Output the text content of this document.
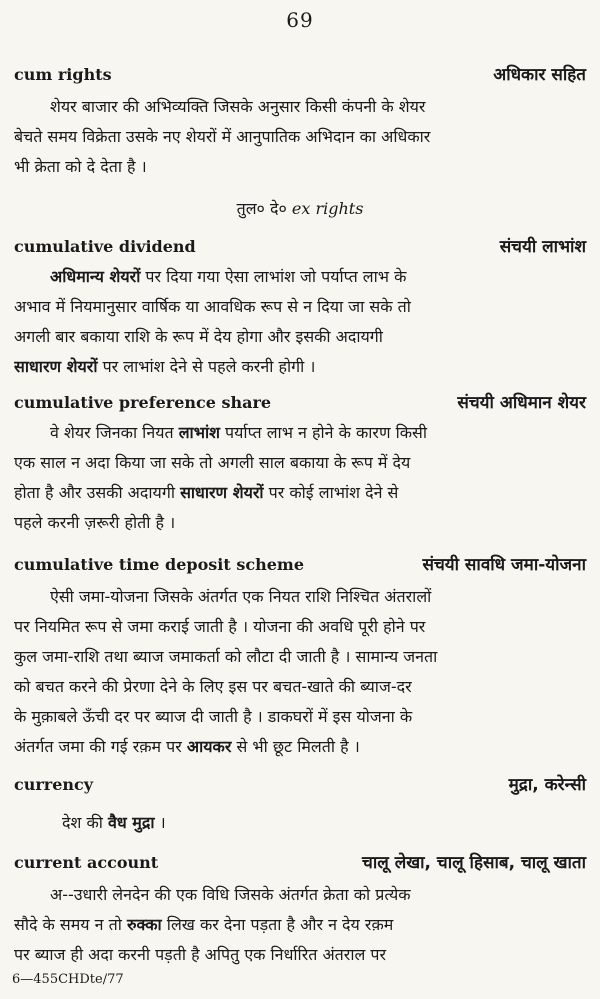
69
cum rights	अधिकार सहित
शेयर बाजार की अभिव्यक्ति जिसके अनुसार किसी कंपनी के शेयर
बेचते समय विक्रेता उसके नए शेयरों में आनुपातिक अभिदान का अधिकार
भी क्रेता को दे देता है ।
तुल० दे० ex rights
cumulative dividend	संचयी लाभांश
अधिमान्य शेयरों पर दिया गया ऐसा लाभांश जो पर्याप्त लाभ के
अभाव में नियमानुसार वार्षिक या आवधिक रूप से न दिया जा सके तो
अगली बार बकाया राशि के रूप में देय होगा और इसकी अदायगी
साधारण शेयरों पर लाभांश देने से पहले करनी होगी ।
cumulative preference share	संचयी अधिमान शेयर
वे शेयर जिनका नियत लाभांश पर्याप्त लाभ न होने के कारण किसी
एक साल न अदा किया जा सके तो अगली साल बकाया के रूप में देय
होता है और उसकी अदायगी साधारण शेयरों पर कोई लाभांश देने से
पहले करनी ज़रूरी होती है ।
cumulative time deposit scheme	संचयी सावधि जमा-योजना
ऐसी जमा-योजना जिसके अंतर्गत एक नियत राशि निश्चित अंतरालों
पर नियमित रूप से जमा कराई जाती है । योजना की अवधि पूरी होने पर
कुल जमा-राशि तथा ब्याज जमाकर्ता को लौटा दी जाती है । सामान्य जनता
को बचत करने की प्रेरणा देने के लिए इस पर बचत-खाते की ब्याज-दर
के मुक़ाबले ऊँची दर पर ब्याज दी जाती है । डाकघरों में इस योजना के
अंतर्गत जमा की गई रक़म पर आयकर से भी छूट मिलती है ।
currency	मुद्रा, करेन्सी
देश की वैध मुद्रा ।
current account	चालू लेखा, चालू हिसाब, चालू खाता
अ--उधारी लेनदेन की एक विधि जिसके अंतर्गत क्रेता को प्रत्येक
सौदे के समय न तो रुक्का लिख कर देना पड़ता है और न देय रक़म
पर ब्याज ही अदा करनी पड़ती है अपितु एक निर्धारित अंतराल पर
6—455CHDte/77
